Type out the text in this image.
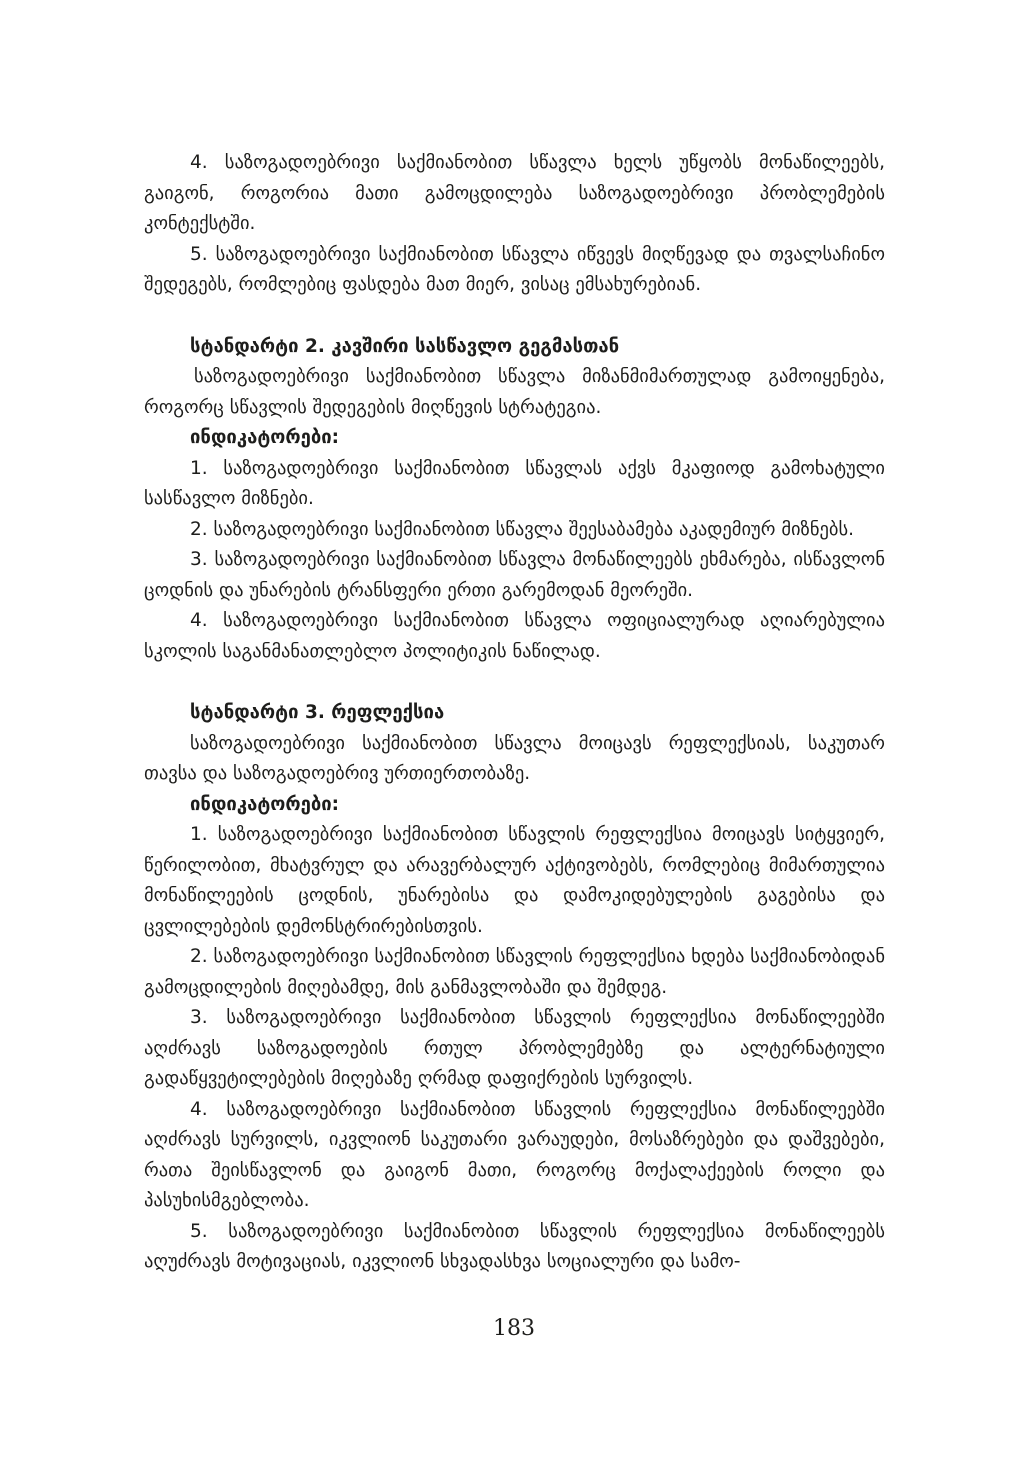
4. საზოგადოებრივი საქმიანობით სწავლა ხელს უწყობს მონაწილეებს, გაიგონ, როგორია მათი გამოცდილება საზოგადოებრივი პრობლემების კონტექსტში.

5. საზოგადოებრივი საქმიანობით სწავლა იწვევს მიღწევად და თვალსაჩინო შედეგებს, რომლებიც ფასდება მათ მიერ, ვისაც ემსახურებიან.

სტანდარტი 2. კავშირი სასწავლო გეგმასთან

საზოგადოებრივი საქმიანობით სწავლა მიზანმიმართულად გამოიყენება, როგორც სწავლის შედეგების მიღწევის სტრატეგია.

ინდიკატორები:

1. საზოგადოებრივი საქმიანობით სწავლას აქვს მკაფიოდ გამოხატული სასწავლო მიზნები.

2. საზოგადოებრივი საქმიანობით სწავლა შეესაბამება აკადემიურ მიზნებს.

3. საზოგადოებრივი საქმიანობით სწავლა მონაწილეებს ეხმარება, ისწავლონ ცოდნის და უნარების ტრანსფერი ერთი გარემოდან მეორეში.

4. საზოგადოებრივი საქმიანობით სწავლა ოფიციალურად აღიარებულია სკოლის საგანმანათლებლო პოლიტიკის ნაწილად.

სტანდარტი 3. რეფლექსია

საზოგადოებრივი საქმიანობით სწავლა მოიცავს რეფლექსიას, საკუთარ თავსა და საზოგადოებრივ ურთიერთობაზე.

ინდიკატორები:

1. საზოგადოებრივი საქმიანობით სწავლის რეფლექსია მოიცავს სიტყვიერ, წერილობით, მხატვრულ და არავერბალურ აქტივობებს, რომლებიც მიმართულია მონაწილეების ცოდნის, უნარებისა და დამოკიდებულების გაგებისა და ცვლილებების დემონსტრირებისთვის.

2. საზოგადოებრივი საქმიანობით სწავლის რეფლექსია ხდება საქმიანობიდან გამოცდილების მიღებამდე, მის განმავლობაში და შემდეგ.

3. საზოგადოებრივი საქმიანობით სწავლის რეფლექსია მონაწილეებში აღძრავს საზოგადოების რთულ პრობლემებზე და ალტერნატიული გადაწყვეტილებების მიღებაზე ღრმად დაფიქრების სურვილს.

4. საზოგადოებრივი საქმიანობით სწავლის რეფლექსია მონაწილეებში აღძრავს სურვილს, იკვლიონ საკუთარი ვარაუდები, მოსაზრებები და დაშვებები, რათა შეისწავლონ და გაიგონ მათი, როგორც მოქალაქეების როლი და პასუხისმგებლობა.

5. საზოგადოებრივი საქმიანობით სწავლის რეფლექსია მონაწილეებს აღუძრავს მოტივაციას, იკვლიონ სხვადასხვა სოციალური და სამო-

183
